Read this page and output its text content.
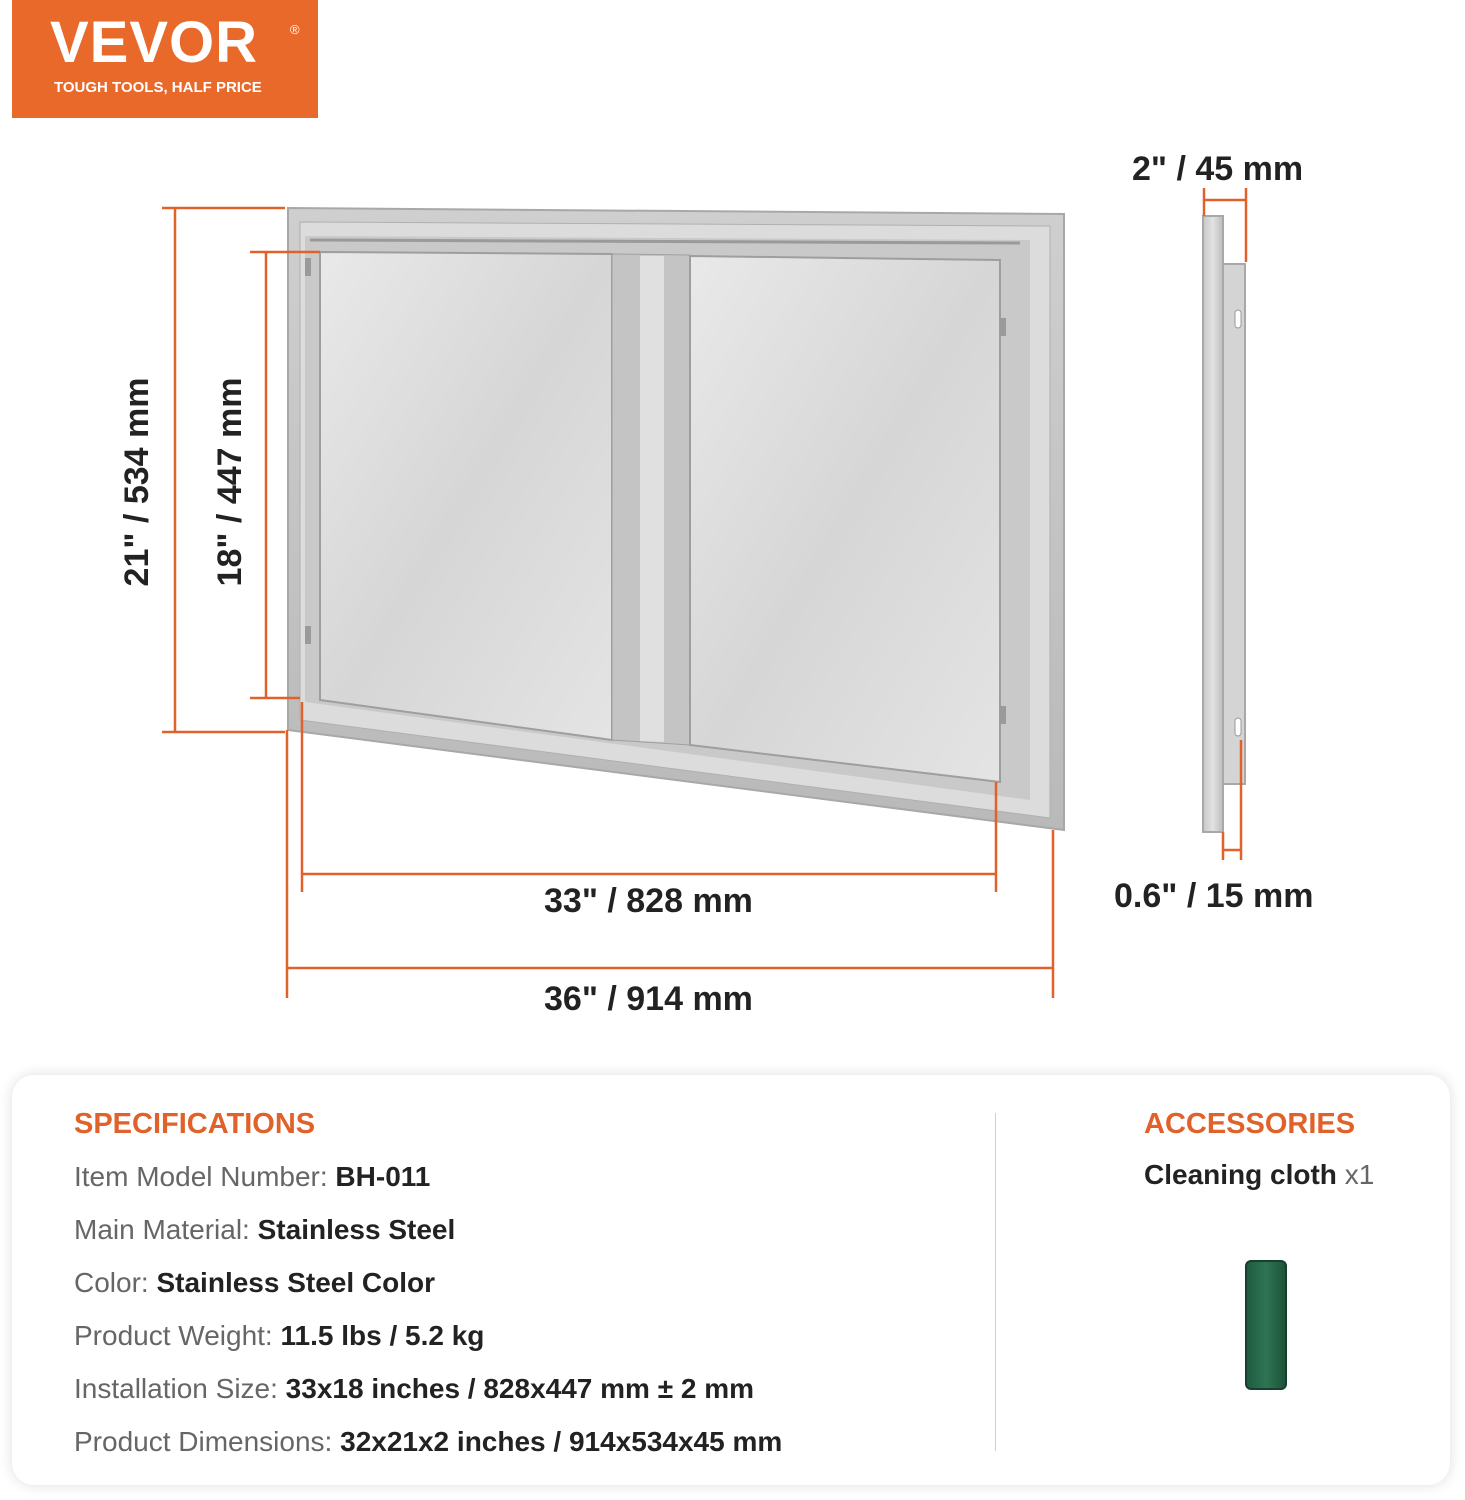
VEVOR ®
TOUGH TOOLS, HALF PRICE
21" / 534 mm 18" / 447 mm
33" / 828 mm
36" / 914 mm
2" / 45 mm
0.6" / 15 mm
SPECIFICATIONS
Item Model Number: BH-011
Main Material: Stainless Steel
Color: Stainless Steel Color
Product Weight: 11.5 lbs / 5.2 kg
Installation Size: 33x18 inches / 828x447 mm ± 2 mm
Product Dimensions: 32x21x2 inches / 914x534x45 mm
ACCESSORIES
Cleaning cloth x1
